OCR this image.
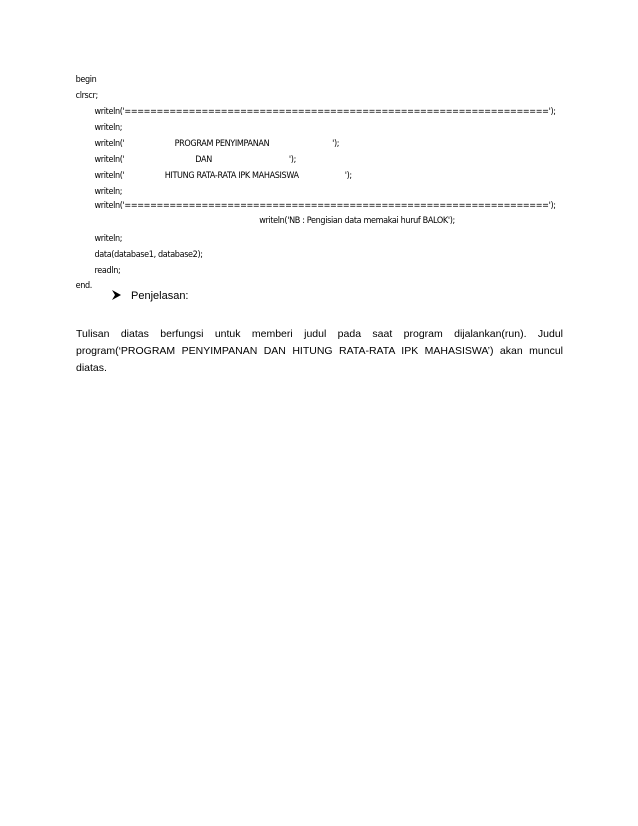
begin
clrscr;
writeln('==================================================================');
writeln;
writeln('	PROGRAM PENYIMPANAN	');
writeln('	DAN	');
writeln('	HITUNG RATA-RATA IPK MAHASISWA	');
writeln;
writeln('==================================================================');
writeln('NB : Pengisian data memakai huruf BALOK');
writeln;
data(database1, database2);
readln;
end.
Penjelasan:
Tulisan diatas berfungsi untuk memberi judul pada saat program dijalankan(run). Judul program(‘PROGRAM PENYIMPANAN DAN HITUNG RATA-RATA IPK MAHASISWA’) akan muncul diatas.
